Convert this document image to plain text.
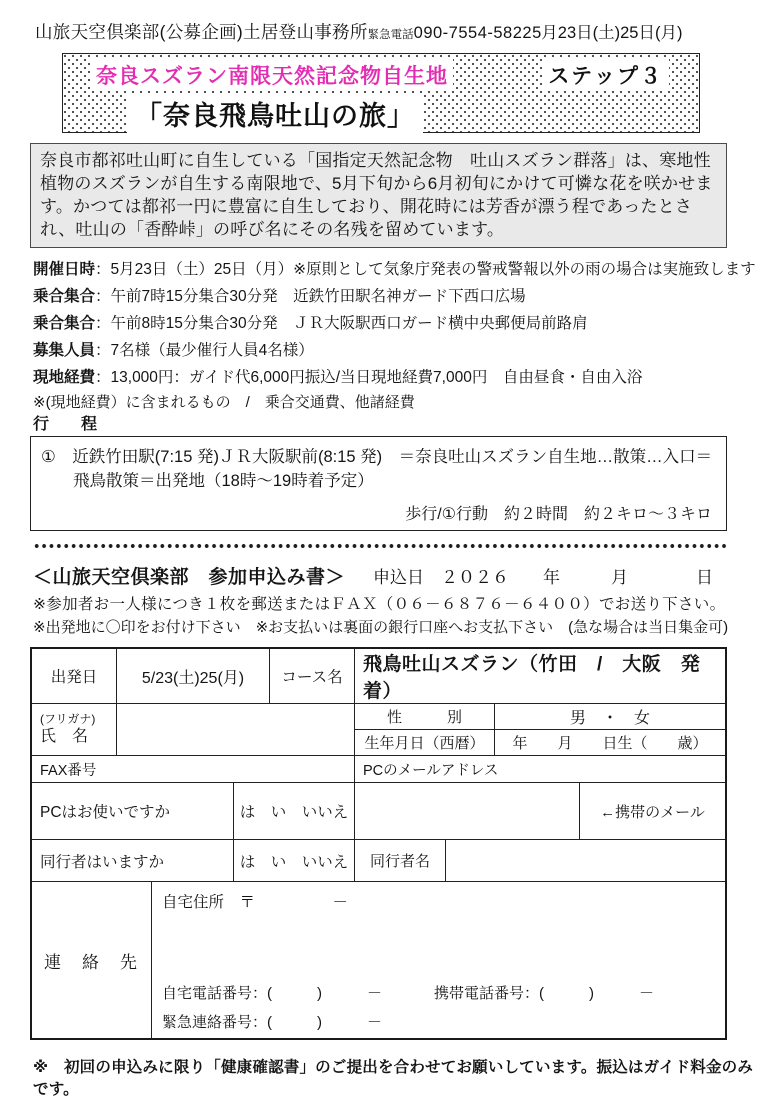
山旅天空倶楽部(公募企画)土居登山事務所緊急電話090-7554-58225月23日(土)25日(月)
奈良スズラン南限天然記念物自生地	ステップ３
「奈良飛鳥吐山の旅」
奈良市都祁吐山町に自生している「国指定天然記念物　吐山スズラン群落」は、寒地性植物のスズランが自生する南限地で、5月下旬から6月初旬にかけて可憐な花を咲かせます。かつては都祁一円に豊富に自生しており、開花時には芳香が漂う程であったとされ、吐山の「香酔峠」の呼び名にその名残を留めています。
開催日時 ：5月23日（土）25日（月）※原則として気象庁発表の警戒警報以外の雨の場合は実施致します
乗合集合 ：午前7時15分集合30分発　近鉄竹田駅名神ガード下西口広場
乗合集合 ：午前8時15分集合30分発　ＪＲ大阪駅西口ガード横中央郵便局前路肩
募集人員 ：7名様（最少催行人員4名様）
現地経費 ：13,000円：ガイド代6,000円振込/当日現地経費7,000円　自由昼食・自由入浴
※(現地経費）に含まれるもの　/　乗合交通費、他諸経費
行　　程
①　近鉄竹田駅(7:15 発)ＪＲ大阪駅前(8:15 発)　＝奈良吐山スズラン自生地…散策…入口＝飛鳥散策＝出発地（18時～19時着予定）
歩行/①行動　約２時間　約２キロ～３キロ
＜山旅天空倶楽部　参加申込み書＞ 申込日　２０２６　　年　　　月　　　　日
※参加者お一人様につき１枚を郵送またはＦＡＸ（０６－６８７６－６４００）でお送り下さい。
※出発地に〇印をお付け下さい　※お支払いは裏面の銀行口座へお支払下さい　(急な場合は当日集金可)
出発日	5/23(土)25(月)	コース名
飛鳥吐山スズラン（竹田　/　大阪　発着）
(フリガナ)
氏　名
性　　　別	男　・　女
生年月日（西暦）	年　　月　　日生（　　歳）
FAX番号	PCのメールアドレス
PCはお使いですか	は　い　いいえ	←携帯のメール
同行者はいますか	は　い　いいえ	同行者名
連　絡　先
自宅住所　〒　　　　　－
自宅電話番号：(　　　)　　　－	携帯電話番号：(　　　)　　　－
緊急連絡番号：(　　　)　　　－
※　初回の申込みに限り「健康確認書」のご提出を合わせてお願いしています。振込はガイド料金のみです。
